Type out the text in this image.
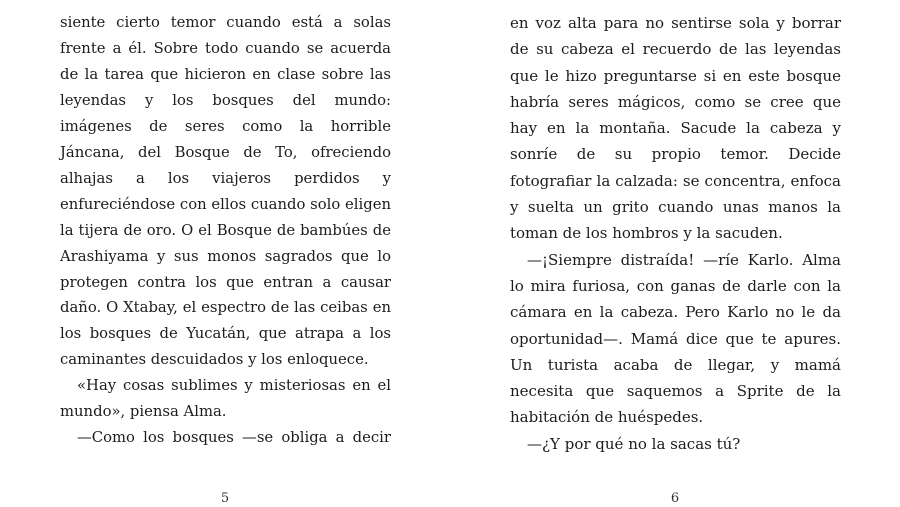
siente cierto temor cuando está a solas frente a él. Sobre todo cuando se acuerda de la tarea que hicieron en clase sobre las leyendas y los bosques del mundo: imágenes de seres como la horrible Jáncana, del Bosque de To, ofreciendo alhajas a los viajeros perdidos y enfureciéndose con ellos cuando solo eligen la tijera de oro. O el Bosque de bambúes de Arashiyama y sus monos sagrados que lo protegen contra los que entran a causar daño. O Xtabay, el espectro de las ceibas en los bosques de Yucatán, que atrapa a los caminantes descuidados y los enloquece.

«Hay cosas sublimes y misteriosas en el mundo», piensa Alma.

—Como los bosques —se obliga a decir

5

en voz alta para no sentirse sola y borrar de su cabeza el recuerdo de las leyendas que le hizo preguntarse si en este bosque habría seres mágicos, como se cree que hay en la montaña. Sacude la cabeza y sonríe de su propio temor. Decide fotografiar la calzada: se concentra, enfoca y suelta un grito cuando unas manos la toman de los hombros y la sacuden.

—¡Siempre distraída! —ríe Karlo. Alma lo mira furiosa, con ganas de darle con la cámara en la cabeza. Pero Karlo no le da oportunidad—. Mamá dice que te apures. Un turista acaba de llegar, y mamá necesita que saquemos a Sprite de la habitación de huéspedes.

—¿Y por qué no la sacas tú?

6
